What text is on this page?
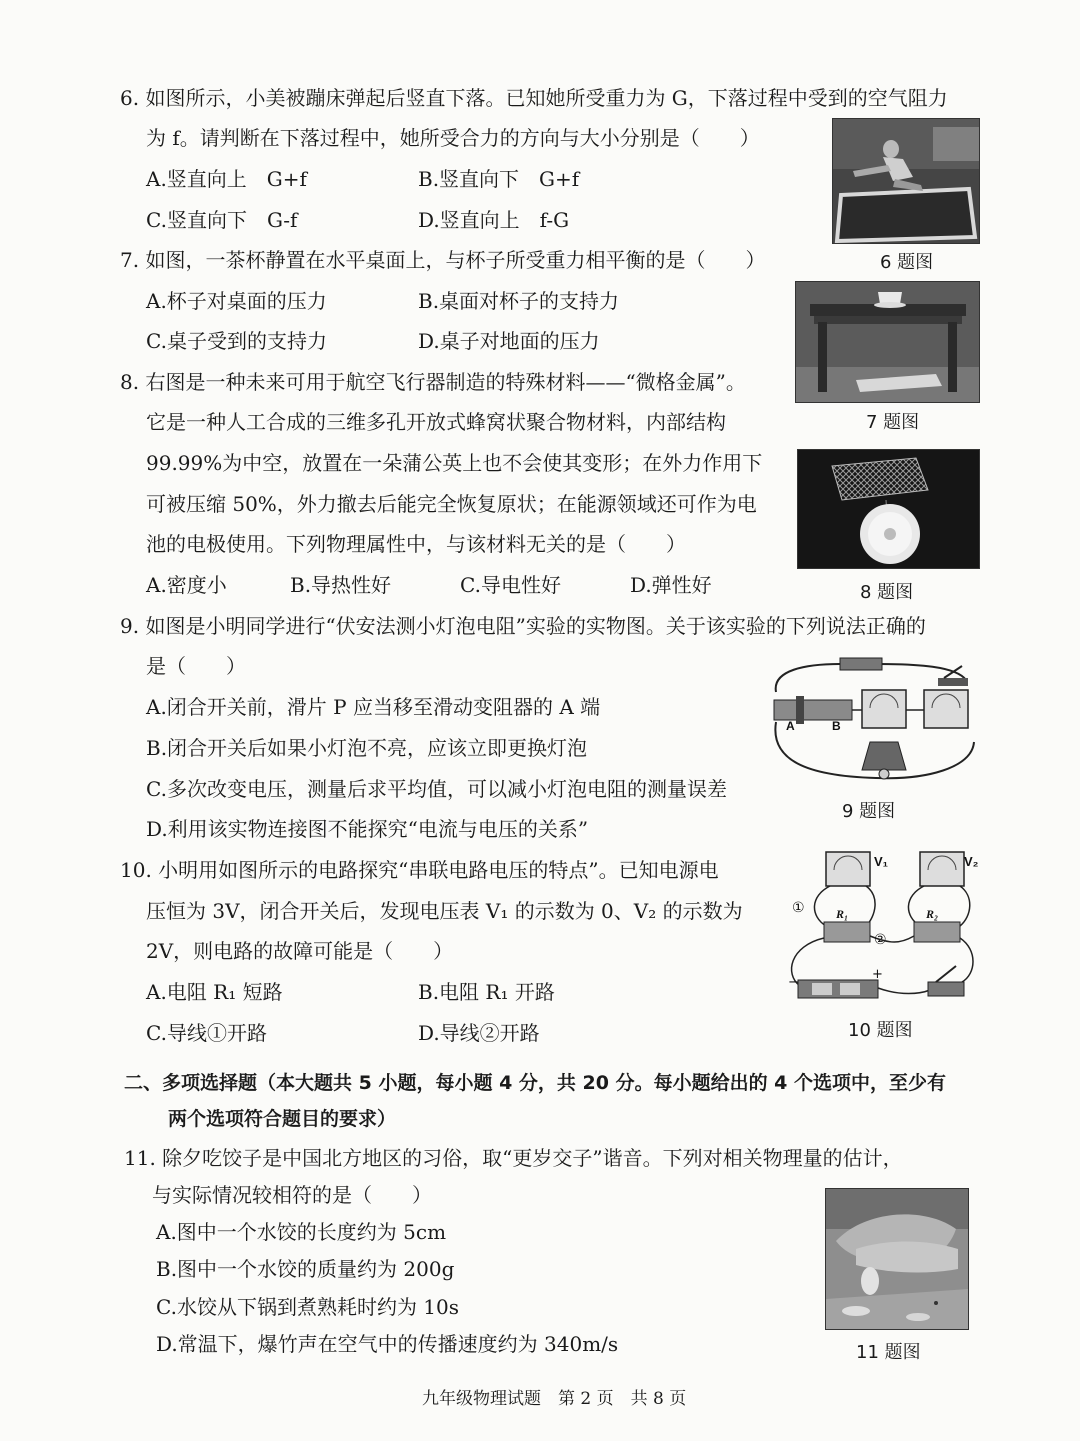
6. 如图所示，小美被蹦床弹起后竖直下落。已知她所受重力为 G，下落过程中受到的空气阻力
为 f。请判断在下落过程中，她所受合力的方向与大小分别是（　　）
A.竖直向上　G+f	B.竖直向下　G+f
C.竖直向下　G-f	D.竖直向上　f-G
6 题图
7. 如图，一茶杯静置在水平桌面上，与杯子所受重力相平衡的是（　　）
A.杯子对桌面的压力	B.桌面对杯子的支持力
C.桌子受到的支持力	D.桌子对地面的压力
7 题图
8. 右图是一种未来可用于航空飞行器制造的特殊材料——“微格金属”。
它是一种人工合成的三维多孔开放式蜂窝状聚合物材料，内部结构
99.99%为中空，放置在一朵蒲公英上也不会使其变形；在外力作用下
可被压缩 50%，外力撤去后能完全恢复原状；在能源领域还可作为电
池的电极使用。下列物理属性中，与该材料无关的是（　　）
A.密度小	B.导热性好	C.导电性好	D.弹性好	8 题图
9. 如图是小明同学进行“伏安法测小灯泡电阻”实验的实物图。关于该实验的下列说法正确的
是（　　）
A.闭合开关前，滑片 P 应当移至滑动变阻器的 A 端
B.闭合开关后如果小灯泡不亮，应该立即更换灯泡
C.多次改变电压，测量后求平均值，可以减小灯泡电阻的测量误差
D.利用该实物连接图不能探究“电流与电压的关系”
A	B
9 题图
10. 小明用如图所示的电路探究“串联电路电压的特点”。已知电源电
压恒为 3V，闭合开关后，发现电压表 V₁ 的示数为 0、V₂ 的示数为
2V，则电路的故障可能是（　　）
A.电阻 R₁ 短路	B.电阻 R₁ 开路
C.导线①开路	D.导线②开路
V₁	V₂
R₁	R₂
①
②
−
+
10 题图
二、多项选择题（本大题共 5 小题，每小题 4 分，共 20 分。每小题给出的 4 个选项中，至少有
两个选项符合题目的要求）
11. 除夕吃饺子是中国北方地区的习俗，取“更岁交子”谐音。下列对相关物理量的估计，
与实际情况较相符的是（　　）
A.图中一个水饺的长度约为 5cm
B.图中一个水饺的质量约为 200g
C.水饺从下锅到煮熟耗时约为 10s
D.常温下，爆竹声在空气中的传播速度约为 340m/s	11 题图
九年级物理试题　第 2 页　共 8 页
